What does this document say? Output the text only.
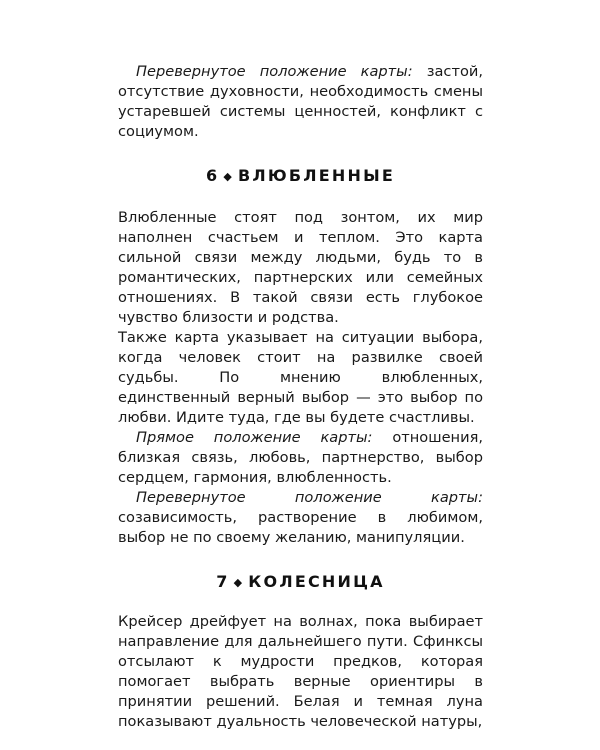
Перевернутое положение карты: застой, отсутствие духовности, необходимость смены устаревшей системы ценностей, конфликт с социумом.

6 ◆ ВЛЮБЛЕННЫЕ

Влюбленные стоят под зонтом, их мир наполнен счастьем и теплом. Это карта сильной связи между людьми, будь то в романтических, партнерских или семейных отношениях. В такой связи есть глубокое чувство близости и родства.

Также карта указывает на ситуации выбора, когда человек стоит на развилке своей судьбы. По мнению влюбленных, единственный верный выбор — это выбор по любви. Идите туда, где вы будете счастливы.

Прямое положение карты: отношения, близкая связь, любовь, партнерство, выбор сердцем, гармония, влюбленность.

Перевернутое положение карты: созависимость, растворение в любимом, выбор не по своему желанию, манипуляции.

7 ◆ КОЛЕСНИЦА

Крейсер дрейфует на волнах, пока выбирает направление для дальнейшего пути. Сфинксы отсылают к мудрости предков, которая помогает выбрать верные ориентиры в принятии решений. Белая и темная луна показывают дуальность человеческой натуры,
